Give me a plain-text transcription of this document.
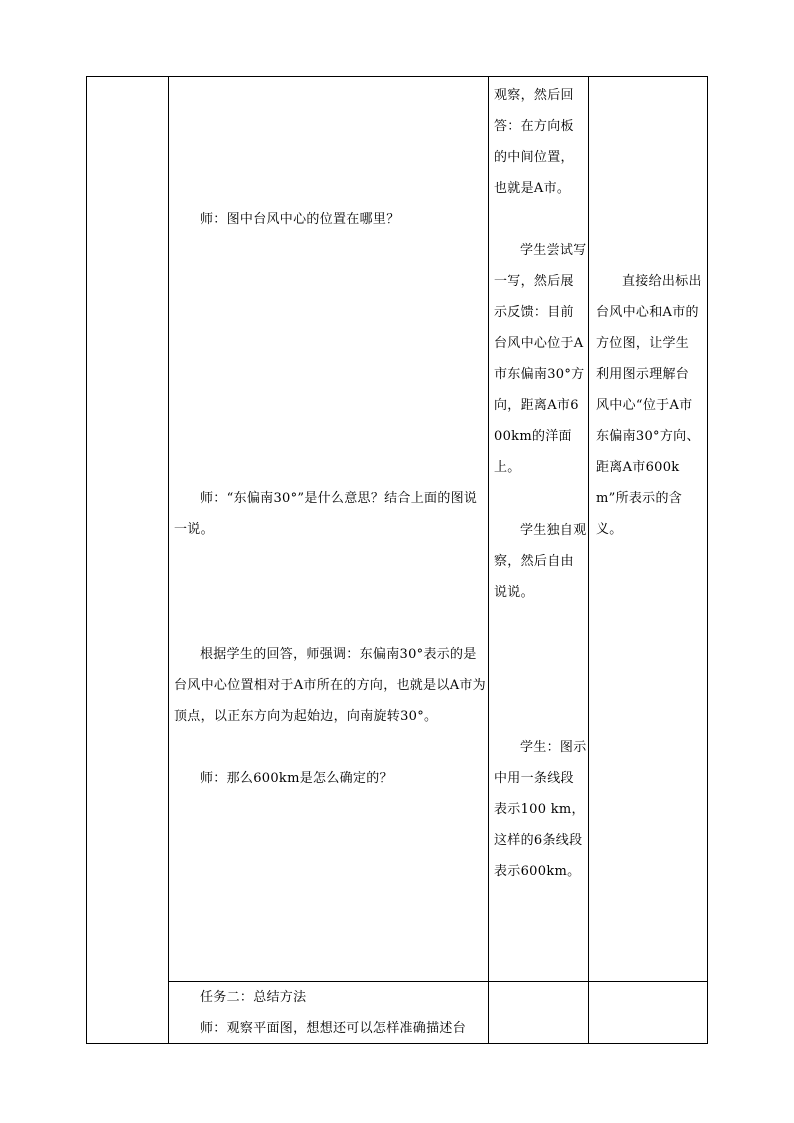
师：图中台风中心的位置在哪里？

师：“东偏南30°”是什么意思？结合上面的图说一说。

根据学生的回答，师强调：东偏南30°表示的是台风中心位置相对于A市所在的方向，也就是以A市为顶点，以正东方向为起始边，向南旋转30°。

师：那么600km是怎么确定的？

任务二：总结方法

师：观察平面图，想想还可以怎样准确描述台

观察，然后回答：在方向板的中间位置，也就是A市。

学生尝试写一写，然后展示反馈：目前台风中心位于A市东偏南30°方向，距离A市600km的洋面上。

学生独自观察，然后自由说说。

学生：图示中用一条线段表示100 km，这样的6条线段表示600km。

直接给出标出台风中心和A市的方位图，让学生利用图示理解台风中心“位于A市东偏南30°方向、距离A市600km”所表示的含义。
